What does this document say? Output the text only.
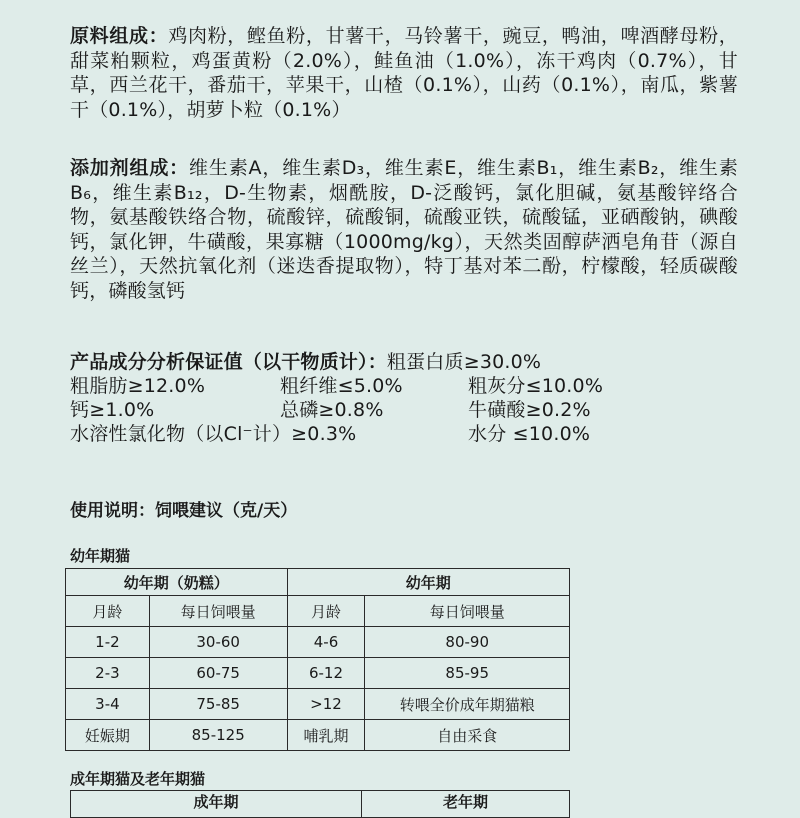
原料组成：鸡肉粉，鲣鱼粉，甘薯干，马铃薯干，豌豆，鸭油，啤酒酵母粉，甜菜粕颗粒，鸡蛋黄粉（2.0%），鲑鱼油（1.0%），冻干鸡肉（0.7%），甘草，西兰花干，番茄干，苹果干，山楂（0.1%），山药（0.1%），南瓜，紫薯干（0.1%），胡萝卜粒（0.1%）
添加剂组成：维生素A，维生素D₃，维生素E，维生素B₁，维生素B₂，维生素B₆，维生素B₁₂，D-生物素，烟酰胺，D-泛酸钙，氯化胆碱，氨基酸锌络合物，氨基酸铁络合物，硫酸锌，硫酸铜，硫酸亚铁，硫酸锰，亚硒酸钠，碘酸钙，氯化钾，牛磺酸，果寡糖（1000mg/kg），天然类固醇萨洒皂角苷（源自丝兰），天然抗氧化剂（迷迭香提取物），特丁基对苯二酚，柠檬酸，轻质碳酸钙，磷酸氢钙
产品成分分析保证值（以干物质计）：粗蛋白质≥30.0%
粗脂肪≥12.0%	粗纤维≤5.0%	粗灰分≤10.0%
钙≥1.0%	总磷≥0.8%	牛磺酸≥0.2%
水溶性氯化物（以Cl⁻计）≥0.3%	水分 ≤10.0%
使用说明：饲喂建议（克/天）
幼年期猫
幼年期（奶糕）		幼年期	
月龄	每日饲喂量	月龄	每日饲喂量
1-2	30-60	4-6	80-90
2-3	60-75	6-12	85-95
3-4	75-85	>12	转喂全价成年期猫粮
妊娠期	85-125	哺乳期	自由采食
成年期猫及老年期猫
成年期	老年期
